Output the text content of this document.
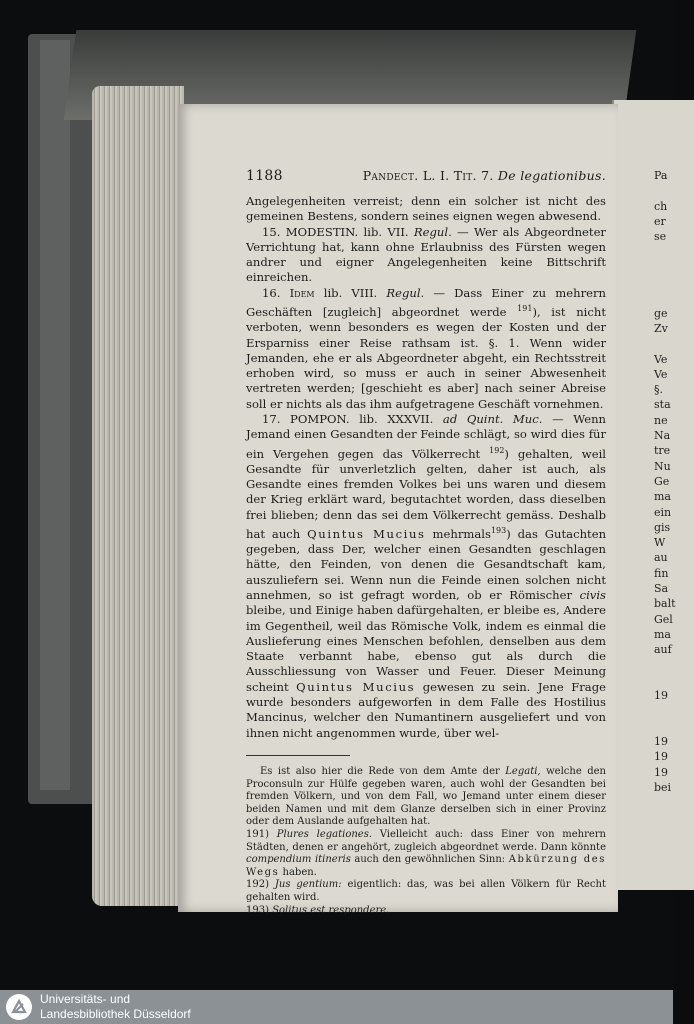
Pa
ch
er
se
ge
Zv
Ve
Ve
§.
sta
ne
Na
tre
Nu
Ge
ma
ein
gis
W
au
fin
Sa
balt
Gel
ma
auf
19
19
19
19
bei
1188	Pandect. L. I. Tit. 7. De legationibus.

Angelegenheiten verreist; denn ein solcher ist nicht des gemeinen Bestens, sondern seines eignen wegen abwesend.

15. MODESTIN. lib. VII. Regul. — Wer als Abgeordneter Verrichtung hat, kann ohne Erlaubniss des Fürsten wegen andrer und eigner Angelegenheiten keine Bittschrift einreichen.

16. Idem lib. VIII. Regul. — Dass Einer zu mehrern Geschäften [zugleich] abgeordnet werde $^{191}$), ist nicht verboten, wenn besonders es wegen der Kosten und der Ersparniss einer Reise rathsam ist. §. 1. Wenn wider Jemanden, ehe er als Abgeordneter abgeht, ein Rechtsstreit erhoben wird, so muss er auch in seiner Abwesenheit vertreten werden; [geschieht es aber] nach seiner Abreise soll er nichts als das ihm aufgetragene Geschäft vornehmen.

17. POMPON. lib. XXXVII. ad Quint. Muc. — Wenn Jemand einen Gesandten der Feinde schlägt, so wird dies für ein Vergehen gegen das Völkerrecht $^{192}$) gehalten, weil Gesandte für unverletzlich gelten, daher ist auch, als Gesandte eines fremden Volkes bei uns waren und diesem der Krieg erklärt ward, begutachtet worden, dass dieselben frei blieben; denn das sei dem Völkerrecht gemäss. Deshalb hat auch Quintus Mucius mehrmals$^{193}$) das Gutachten gegeben, dass Der, welcher einen Gesandten geschlagen hätte, den Feinden, von denen die Gesandtschaft kam, auszuliefern sei. Wenn nun die Feinde einen solchen nicht annehmen, so ist gefragt worden, ob er Römischer civis bleibe, und Einige haben dafürgehalten, er bleibe es, Andere im Gegentheil, weil das Römische Volk, indem es einmal die Auslieferung eines Menschen befohlen, denselben aus dem Staate verbannt habe, ebenso gut als durch die Ausschliessung von Wasser und Feuer. Dieser Meinung scheint Quintus Mucius gewesen zu sein. Jene Frage wurde besonders aufgeworfen in dem Falle des Hostilius Mancinus, welcher den Numantinern ausgeliefert und von ihnen nicht angenommen wurde, über wel-

Es ist also hier die Rede von dem Amte der Legati, welche den Proconsuln zur Hülfe gegeben waren, auch wohl der Gesandten bei fremden Völkern, und von dem Fall, wo Jemand unter einem dieser beiden Namen und mit dem Glanze derselben sich in einer Provinz oder dem Auslande aufgehalten hat.

191) Plures legationes. Vielleicht auch: dass Einer von mehrern Städten, denen er angehört, zugleich abgeordnet werde. Dann könnte compendium itineris auch den gewöhnlichen Sinn: Abkürzung des Wegs haben.

192) Jus gentium: eigentlich: das, was bei allen Völkern für Recht gehalten wird.

193) Solitus est respondere.

Universitäts- und
Landesbibliothek Düsseldorf
